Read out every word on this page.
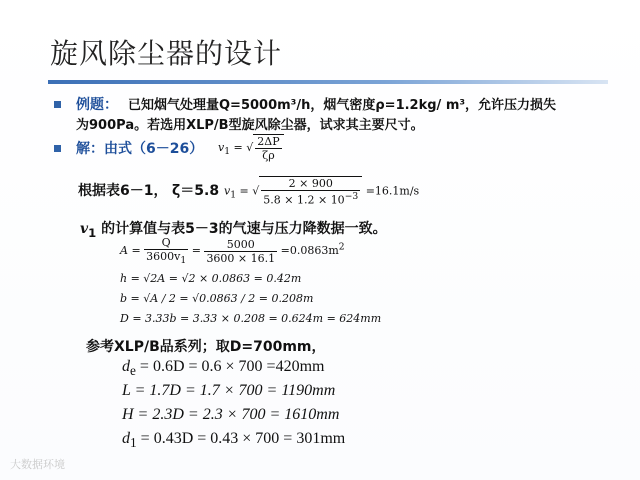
旋风除尘器的设计
例题： 已知烟气处理量Q=5000m³/h，烟气密度ρ=1.2kg/ m³，允许压力损失
为900Pa。若选用XLP/B型旋风除尘器，试求其主要尺寸。
解：由式（6－26） $v_1$ = √ $\frac{2\Delta P}{\zeta\rho}$
根据表6－1， ζ＝5.8 $v_1$ = √ $\frac{2 \times 900}{5.8 \times 1.2 \times 10^{-3}} =16.1m/s$
$v_1$ 的计算值与表5－3的气速与压力降数据一致。
$A = \frac{Q}{3600v_1} = \frac{5000}{3600 \times 16.1} =0.0863m^2$
h = √2A = √2 × 0.0863 = 0.42m
b = √A / 2 = √0.0863 / 2 = 0.208m
D = 3.33b = 3.33 × 0.208 = 0.624m = 624mm
参考XLP/B品系列；取D=700mm，
$d_e = 0.6D = 0.6 \times 700 =420mm$
L = 1.7D = 1.7 × 700 = 1190mm
H = 2.3D = 2.3 × 700 = 1610mm
$d_1 = 0.43D = 0.43 \times 700 = 301mm$
大数据环境
